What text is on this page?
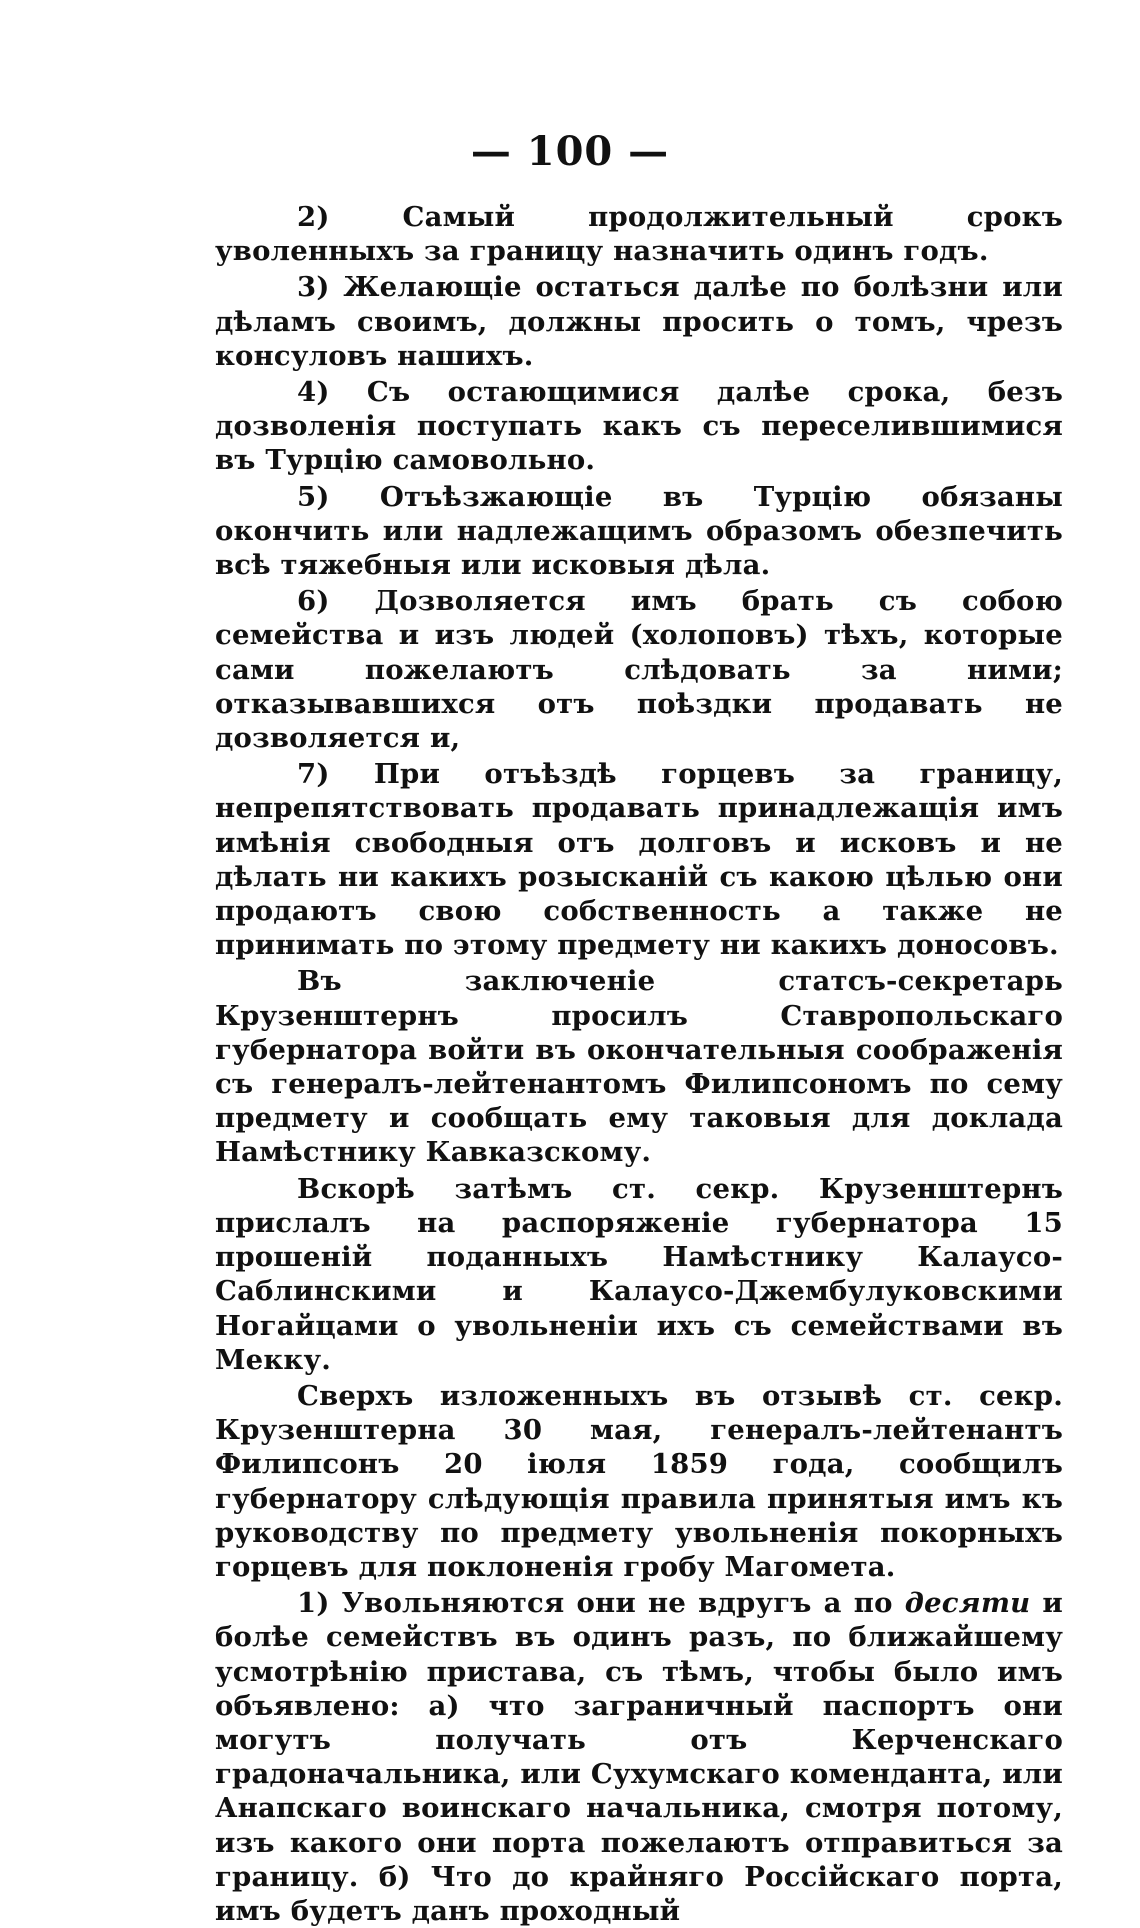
— 100 —

2) Самый продолжительный срокъ уволенныхъ за границу назначить одинъ годъ.

3) Желающіе остаться далѣе по болѣзни или дѣламъ своимъ, должны просить о томъ, чрезъ консуловъ нашихъ.

4) Съ остающимися далѣе срока, безъ дозволенія поступать какъ съ переселившимися въ Турцію самовольно.

5) Отъѣзжающіе въ Турцію обязаны окончить или надлежащимъ образомъ обезпечить всѣ тяжебныя или исковыя дѣла.

6) Дозволяется имъ брать съ собою семейства и изъ людей (холоповъ) тѣхъ, которые сами пожелаютъ слѣдовать за ними; отказывавшихся отъ поѣздки продавать не дозволяется и,

7) При отъѣздѣ горцевъ за границу, непрепятствовать продавать принадлежащія имъ имѣнія свободныя отъ долговъ и исковъ и не дѣлать ни какихъ розысканій съ какою цѣлью они продаютъ свою собственность а также не принимать по этому предмету ни какихъ доносовъ.

Въ заключеніе статсъ-секретарь Крузенштернъ просилъ Ставропольскаго губернатора войти въ окончательныя соображенія съ генералъ-лейтенантомъ Филипсономъ по сему предмету и сообщать ему таковыя для доклада Намѣстнику Кавказскому.

Вскорѣ затѣмъ ст. секр. Крузенштернъ прислалъ на распоряженіе губернатора 15 прошеній поданныхъ Намѣстнику Калаусо-Саблинскими и Калаусо-Джембулуковскими Ногайцами о увольненіи ихъ съ семействами въ Мекку.

Сверхъ изложенныхъ въ отзывѣ ст. секр. Крузенштерна 30 мая, генералъ-лейтенантъ Филипсонъ 20 іюля 1859 года, сообщилъ губернатору слѣдующія правила принятыя имъ къ руководству по предмету увольненія покорныхъ горцевъ для поклоненія гробу Магомета.

1) Увольняются они не вдругъ а по десяти и болѣе семействъ въ одинъ разъ, по ближайшему усмотрѣнію пристава, съ тѣмъ, чтобы было имъ объявлено: а) что заграничный паспортъ они могутъ получать отъ Керченскаго градоначальника, или Сухумскаго коменданта, или Анапскаго воинскаго начальника, смотря потому, изъ какого они порта пожелаютъ отправиться за границу. б) Что до крайняго Россійскаго порта, имъ будетъ данъ проходный
